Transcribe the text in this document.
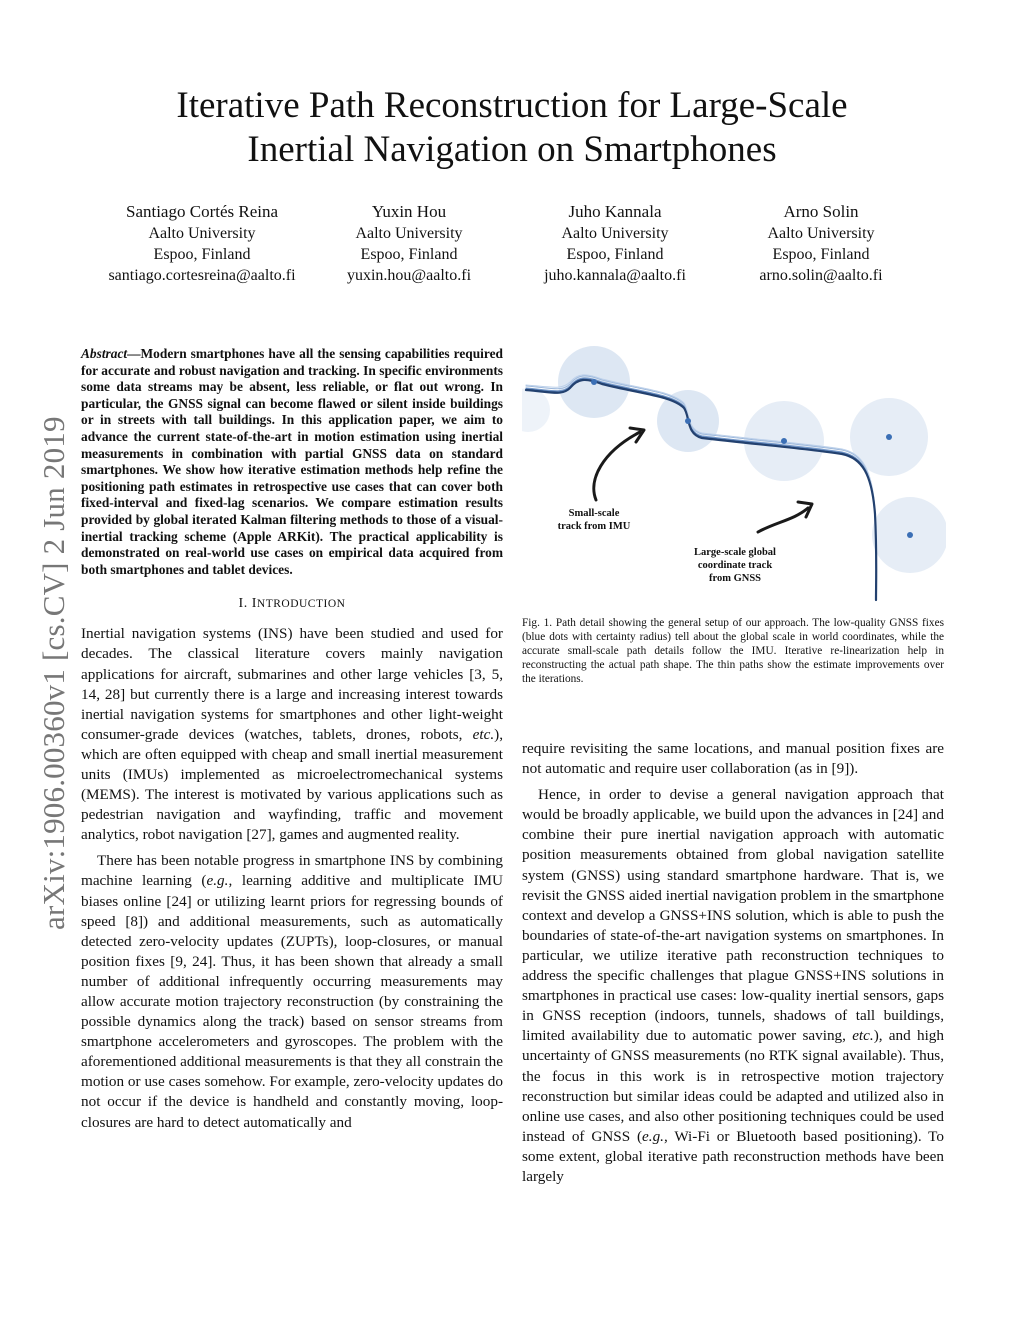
Iterative Path Reconstruction for Large-Scale
Inertial Navigation on Smartphones
Santiago Cortés Reina
Aalto University
Espoo, Finland
santiago.cortesreina@aalto.fi
Yuxin Hou
Aalto University
Espoo, Finland
yuxin.hou@aalto.fi
Juho Kannala
Aalto University
Espoo, Finland
juho.kannala@aalto.fi
Arno Solin
Aalto University
Espoo, Finland
arno.solin@aalto.fi
arXiv:1906.00360v1 [cs.CV] 2 Jun 2019

Abstract—Modern smartphones have all the sensing capabilities required for accurate and robust navigation and tracking. In specific environments some data streams may be absent, less reliable, or flat out wrong. In particular, the GNSS signal can become flawed or silent inside buildings or in streets with tall buildings. In this application paper, we aim to advance the current state-of-the-art in motion estimation using inertial measurements in combination with partial GNSS data on standard smartphones. We show how iterative estimation methods help refine the positioning path estimates in retrospective use cases that can cover both fixed-interval and fixed-lag scenarios. We compare estimation results provided by global iterated Kalman filtering methods to those of a visual-inertial tracking scheme (Apple ARKit). The practical applicability is demonstrated on real-world use cases on empirical data acquired from both smartphones and tablet devices.

I. INTRODUCTION

Inertial navigation systems (INS) have been studied and used for decades. The classical literature covers mainly navigation applications for aircraft, submarines and other large vehicles [3, 5, 14, 28] but currently there is a large and increasing interest towards inertial navigation systems for smartphones and other light-weight consumer-grade devices (watches, tablets, drones, robots, etc.), which are often equipped with cheap and small inertial measurement units (IMUs) implemented as microelectromechanical systems (MEMS). The interest is motivated by various applications such as pedestrian navigation and wayfinding, traffic and movement analytics, robot navigation [27], games and augmented reality.

There has been notable progress in smartphone INS by combining machine learning (e.g., learning additive and multiplicate IMU biases online [24] or utilizing learnt priors for regressing bounds of speed [8]) and additional measurements, such as automatically detected zero-velocity updates (ZUPTs), loop-closures, or manual position fixes [9, 24]. Thus, it has been shown that already a small number of additional infrequently occurring measurements may allow accurate motion trajectory reconstruction (by constraining the possible dynamics along the track) based on sensor streams from smartphone accelerometers and gyroscopes. The problem with the aforementioned additional measurements is that they all constrain the motion or use cases somehow. For example, zero-velocity updates do not occur if the device is handheld and constantly moving, loop-closures are hard to detect automatically and

Small-scale
track from IMU
Large-scale global
coordinate track
from GNSS

Fig. 1. Path detail showing the general setup of our approach. The low-quality GNSS fixes (blue dots with certainty radius) tell about the global scale in world coordinates, while the accurate small-scale path details follow the IMU. Iterative re-linearization help in reconstructing the actual path shape. The thin paths show the estimate improvements over the iterations.

require revisiting the same locations, and manual position fixes are not automatic and require user collaboration (as in [9]).

Hence, in order to devise a general navigation approach that would be broadly applicable, we build upon the advances in [24] and combine their pure inertial navigation approach with automatic position measurements obtained from global navigation satellite system (GNSS) using standard smartphone hardware. That is, we revisit the GNSS aided inertial navigation problem in the smartphone context and develop a GNSS+INS solution, which is able to push the boundaries of state-of-the-art navigation systems on smartphones. In particular, we utilize iterative path reconstruction techniques to address the specific challenges that plague GNSS+INS solutions in smartphones in practical use cases: low-quality inertial sensors, gaps in GNSS reception (indoors, tunnels, shadows of tall buildings, limited availability due to automatic power saving, etc.), and high uncertainty of GNSS measurements (no RTK signal available). Thus, the focus in this work is in retrospective motion trajectory reconstruction but similar ideas could be adapted and utilized also in online use cases, and also other positioning techniques could be used instead of GNSS (e.g., Wi-Fi or Bluetooth based positioning). To some extent, global iterative path reconstruction methods have been largely
